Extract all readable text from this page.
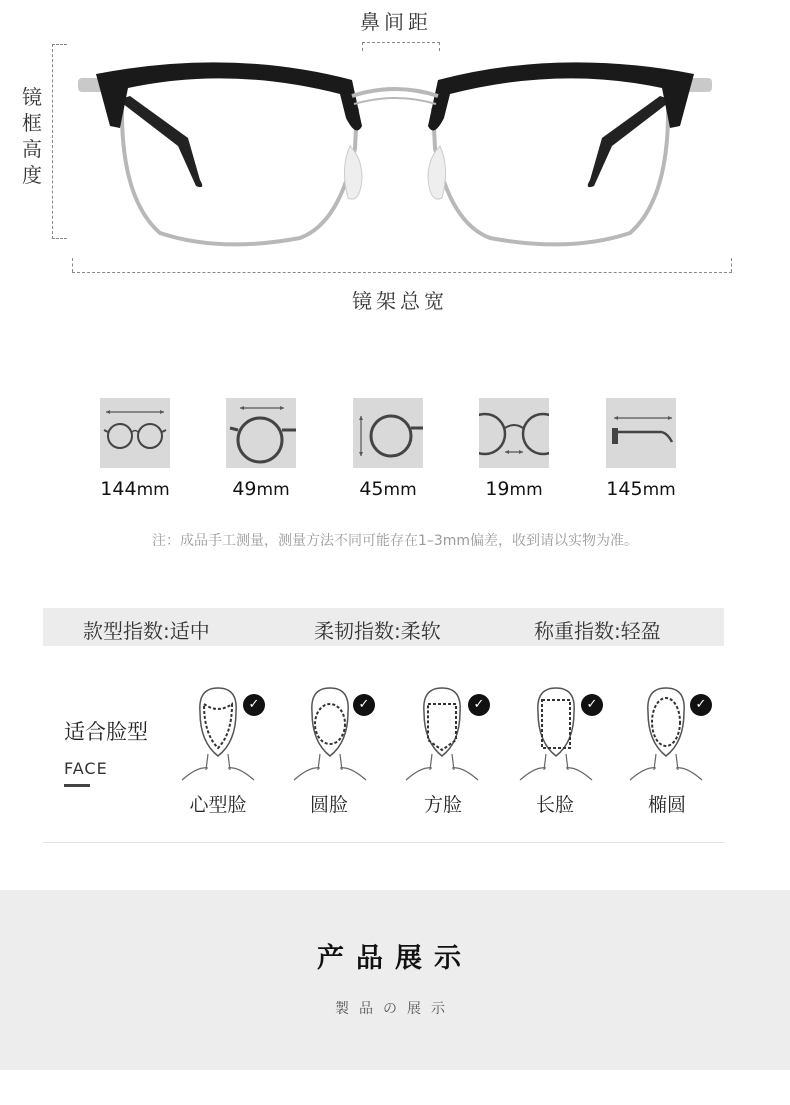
鼻间距
镜
框
高
度
镜架总宽
144mm	49mm	45mm	19mm	145mm
注：成品手工测量，测量方法不同可能存在1–3mm偏差，收到请以实物为准。
款型指数:适中	柔韧指数:柔软	称重指数:轻盈
适合脸型
FACE
✓	✓	✓	✓	✓
心型脸	圆脸	方脸	长脸	椭圆
产品展示
製品の展示
